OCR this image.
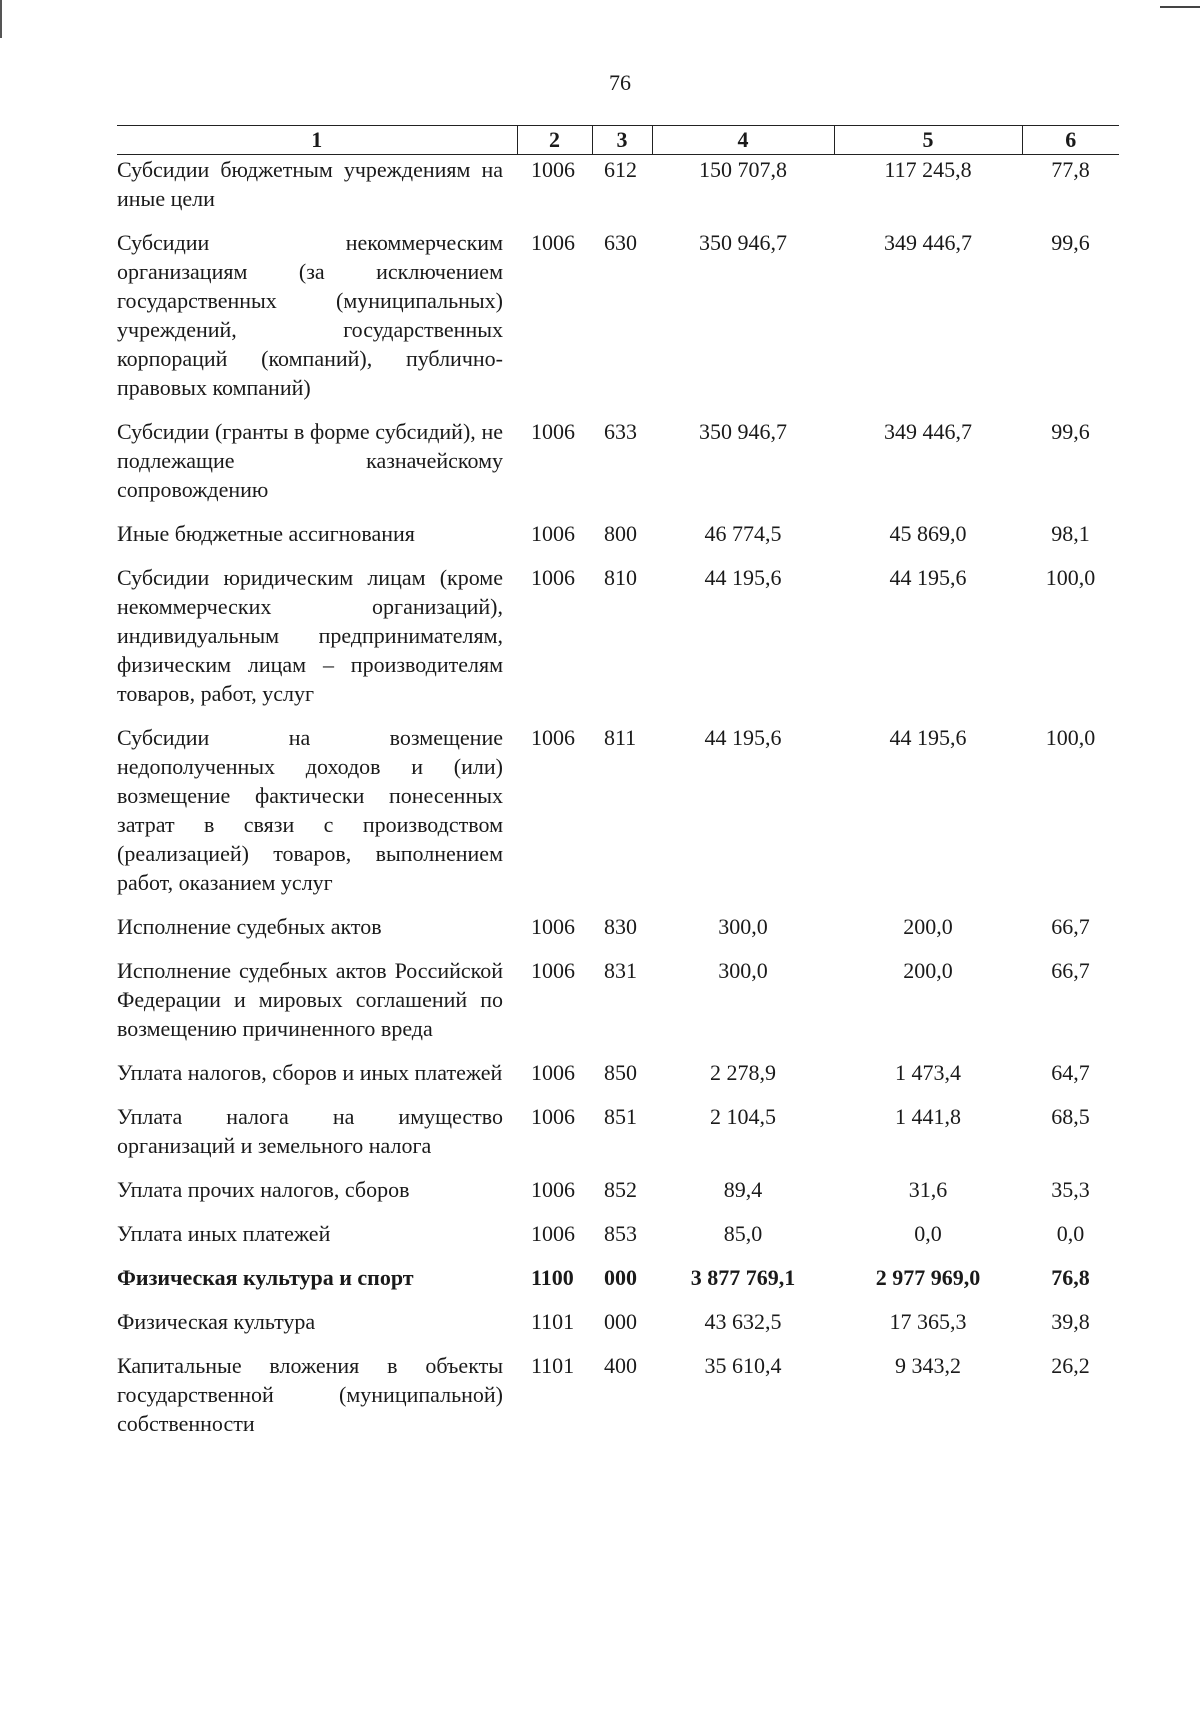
76
1	2	3	4	5	6
Субсидии бюджетным учреждениям на иные цели	1006	612	150 707,8	117 245,8	77,8
Субсидии некоммерческим организациям (за исключением государственных (муниципальных) учреждений, государственных корпораций (компаний), публично-правовых компаний)	1006	630	350 946,7	349 446,7	99,6
Субсидии (гранты в форме субсидий), не подлежащие казначейскому сопровождению	1006	633	350 946,7	349 446,7	99,6
Иные бюджетные ассигнования	1006	800	46 774,5	45 869,0	98,1
Субсидии юридическим лицам (кроме некоммерческих организаций), индивидуальным предпринимателям, физическим лицам – производителям товаров, работ, услуг	1006	810	44 195,6	44 195,6	100,0
Субсидии на возмещение недополученных доходов и (или) возмещение фактически понесенных затрат в связи с производством (реализацией) товаров, выполнением работ, оказанием услуг	1006	811	44 195,6	44 195,6	100,0
Исполнение судебных актов	1006	830	300,0	200,0	66,7
Исполнение судебных актов Российской Федерации и мировых соглашений по возмещению причиненного вреда	1006	831	300,0	200,0	66,7
Уплата налогов, сборов и иных платежей	1006	850	2 278,9	1 473,4	64,7
Уплата налога на имущество организаций и земельного налога	1006	851	2 104,5	1 441,8	68,5
Уплата прочих налогов, сборов	1006	852	89,4	31,6	35,3
Уплата иных платежей	1006	853	85,0	0,0	0,0
Физическая культура и спорт	1100	000	3 877 769,1	2 977 969,0	76,8
Физическая культура	1101	000	43 632,5	17 365,3	39,8
Капитальные вложения в объекты государственной (муниципальной) собственности	1101	400	35 610,4	9 343,2	26,2
